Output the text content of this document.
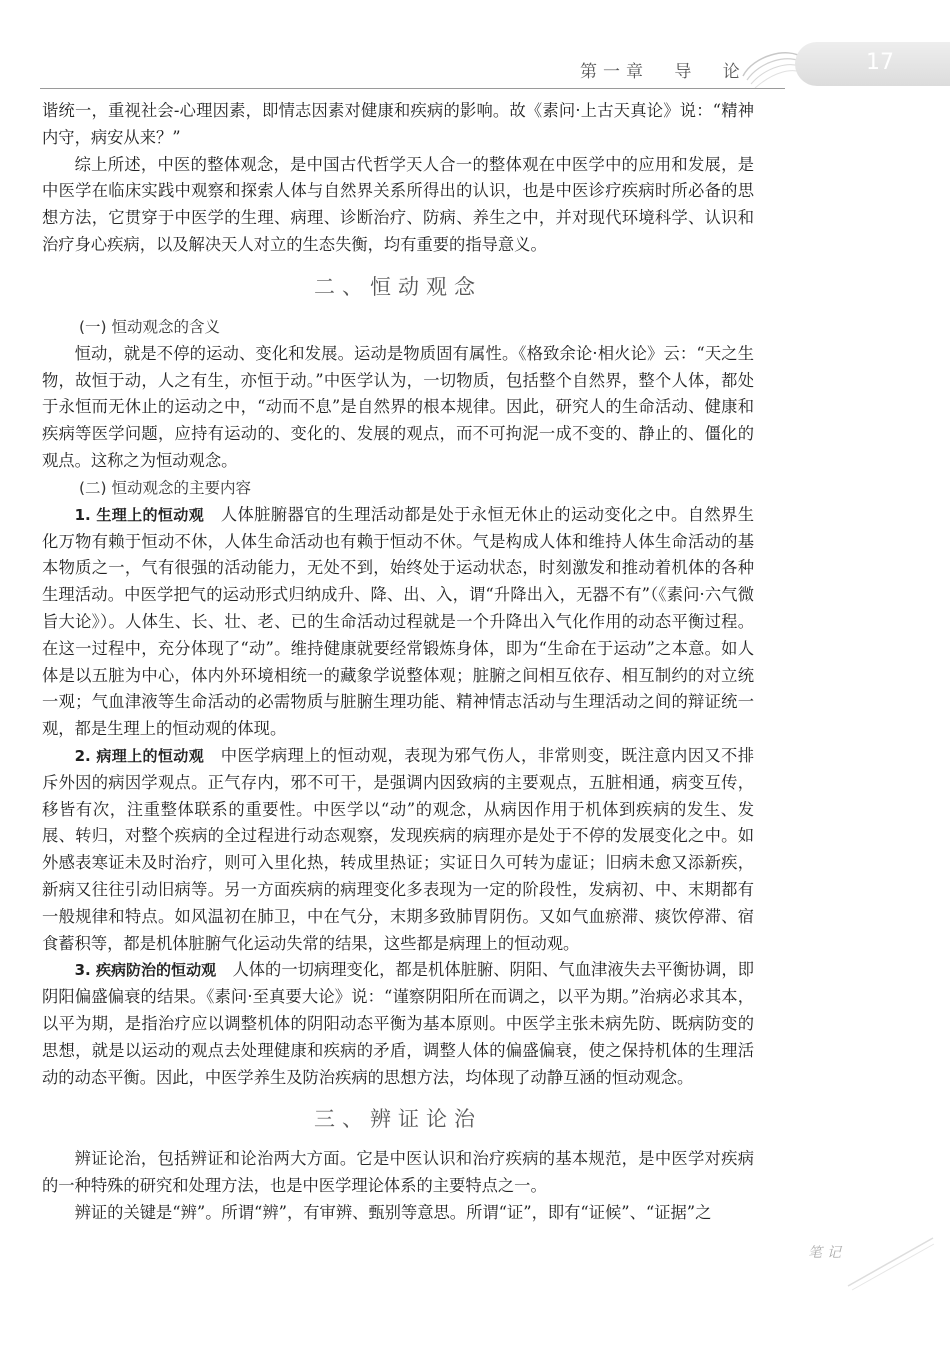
第一章 导 论	17

谐统一，重视社会-心理因素，即情志因素对健康和疾病的影响。故《素问·上古天真论》说：“精神内守，病安从来？”

综上所述，中医的整体观念，是中国古代哲学天人合一的整体观在中医学中的应用和发展，是中医学在临床实践中观察和探索人体与自然界关系所得出的认识，也是中医诊疗疾病时所必备的思想方法，它贯穿于中医学的生理、病理、诊断治疗、防病、养生之中，并对现代环境科学、认识和治疗身心疾病，以及解决天人对立的生态失衡，均有重要的指导意义。

二、恒动观念
(一) 恒动观念的含义

恒动，就是不停的运动、变化和发展。运动是物质固有属性。《格致余论·相火论》云：“天之生物，故恒于动，人之有生，亦恒于动。”中医学认为，一切物质，包括整个自然界，整个人体，都处于永恒而无休止的运动之中，“动而不息”是自然界的根本规律。因此，研究人的生命活动、健康和疾病等医学问题，应持有运动的、变化的、发展的观点，而不可拘泥一成不变的、静止的、僵化的观点。这称之为恒动观念。

(二) 恒动观念的主要内容

1. 生理上的恒动观　 人体脏腑器官的生理活动都是处于永恒无休止的运动变化之中。自然界生化万物有赖于恒动不休，人体生命活动也有赖于恒动不休。气是构成人体和维持人体生命活动的基本物质之一，气有很强的活动能力，无处不到，始终处于运动状态，时刻激发和推动着机体的各种生理活动。中医学把气的运动形式归纳成升、降、出、入，谓“升降出入，无器不有”（《素问·六气微旨大论》）。人体生、长、壮、老、已的生命活动过程就是一个升降出入气化作用的动态平衡过程。在这一过程中，充分体现了“动”。维持健康就要经常锻炼身体，即为“生命在于运动”之本意。如人体是以五脏为中心，体内外环境相统一的藏象学说整体观；脏腑之间相互依存、相互制约的对立统一观；气血津液等生命活动的必需物质与脏腑生理功能、精神情志活动与生理活动之间的辩证统一观，都是生理上的恒动观的体现。

2. 病理上的恒动观　 中医学病理上的恒动观，表现为邪气伤人，非常则变，既注意内因又不排斥外因的病因学观点。正气存内，邪不可干，是强调内因致病的主要观点，五脏相通，病变互传，移皆有次，注重整体联系的重要性。中医学以“动”的观念，从病因作用于机体到疾病的发生、发展、转归，对整个疾病的全过程进行动态观察，发现疾病的病理亦是处于不停的发展变化之中。如外感表寒证未及时治疗，则可入里化热，转成里热证；实证日久可转为虚证；旧病未愈又添新疾，新病又往往引动旧病等。另一方面疾病的病理变化多表现为一定的阶段性，发病初、中、末期都有一般规律和特点。如风温初在肺卫，中在气分，末期多致肺胃阴伤。又如气血瘀滞、痰饮停滞、宿食蓄积等，都是机体脏腑气化运动失常的结果，这些都是病理上的恒动观。

3. 疾病防治的恒动观　 人体的一切病理变化，都是机体脏腑、阴阳、气血津液失去平衡协调，即阴阳偏盛偏衰的结果。《素问·至真要大论》说：“谨察阴阳所在而调之，以平为期。”治病必求其本，以平为期，是指治疗应以调整机体的阴阳动态平衡为基本原则。中医学主张未病先防、既病防变的思想，就是以运动的观点去处理健康和疾病的矛盾，调整人体的偏盛偏衰，使之保持机体的生理活动的动态平衡。因此，中医学养生及防治疾病的思想方法，均体现了动静互涵的恒动观念。

三、辨证论治

辨证论治，包括辨证和论治两大方面。它是中医认识和治疗疾病的基本规范，是中医学对疾病的一种特殊的研究和处理方法，也是中医学理论体系的主要特点之一。

辨证的关键是“辨”。所谓“辨”，有审辨、甄别等意思。所谓“证”，即有“证候”、“证据”之

笔记
